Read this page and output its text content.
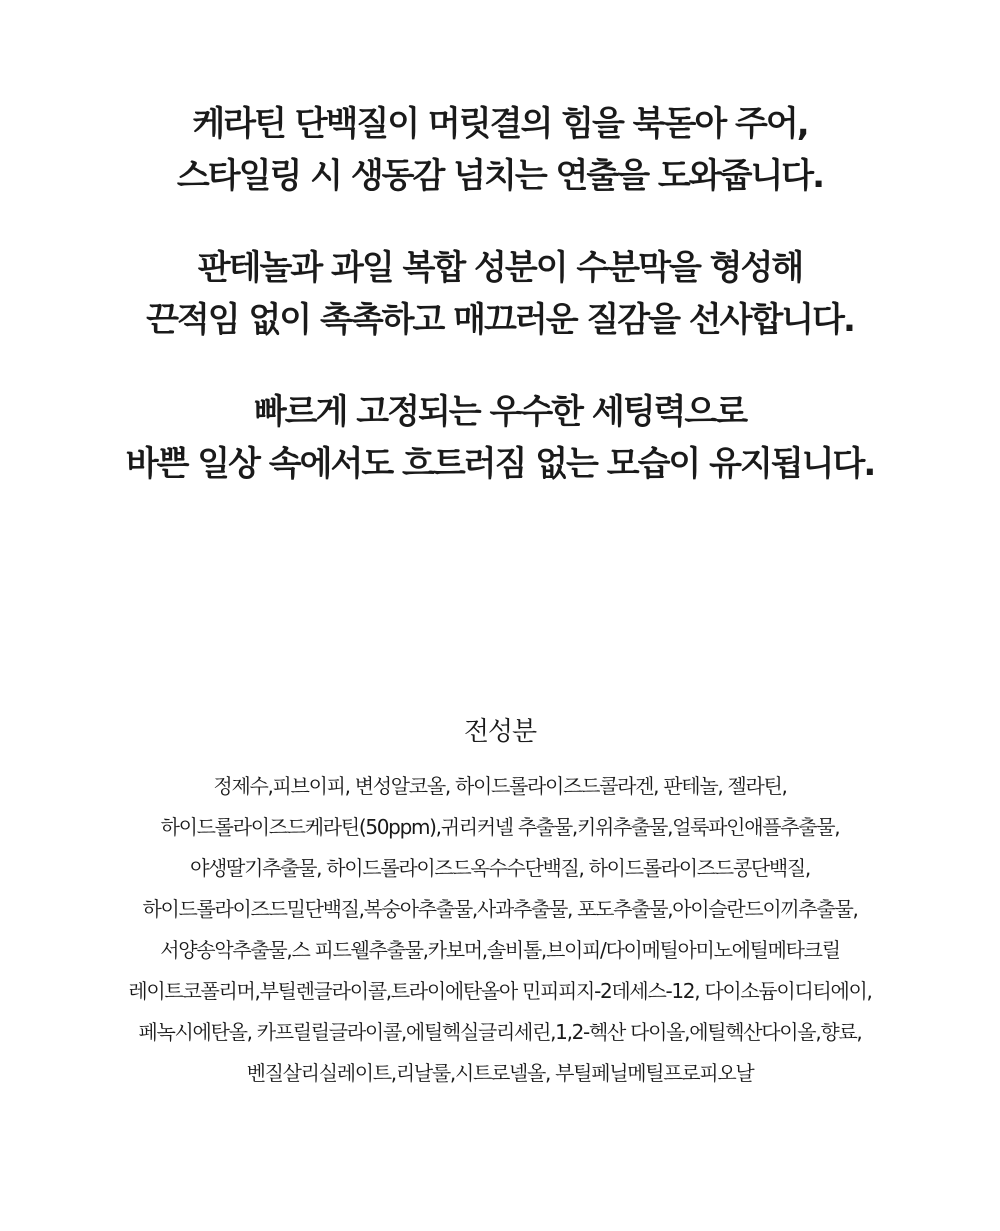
케라틴 단백질이 머릿결의 힘을 북돋아 주어,
스타일링 시 생동감 넘치는 연출을 도와줍니다.
판테놀과 과일 복합 성분이 수분막을 형성해
끈적임 없이 촉촉하고 매끄러운 질감을 선사합니다.
빠르게 고정되는 우수한 세팅력으로
바쁜 일상 속에서도 흐트러짐 없는 모습이 유지됩니다.
전성분
정제수,피브이피, 변성알코올, 하이드롤라이즈드콜라겐, 판테놀, 젤라틴,
하이드롤라이즈드케라틴(50ppm),귀리커넬 추출물,키위추출물,얼룩파인애플추출물,
야생딸기추출물, 하이드롤라이즈드옥수수단백질, 하이드롤라이즈드콩단백질,
하이드롤라이즈드밀단백질,복숭아추출물,사과추출물, 포도추출물,아이슬란드이끼추출물,
서양송악추출물,스 피드웰추출물,카보머,솔비톨,브이피/다이메틸아미노에틸메타크릴
레이트코폴리머,부틸렌글라이콜,트라이에탄올아 민피피지-2데세스-12, 다이소듐이디티에이,
페녹시에탄올, 카프릴릴글라이콜,에틸헥실글리세린,1,2-헥산 다이올,에틸헥산다이올,향료,
벤질살리실레이트,리날룰,시트로넬올, 부틸페닐메틸프로피오날
